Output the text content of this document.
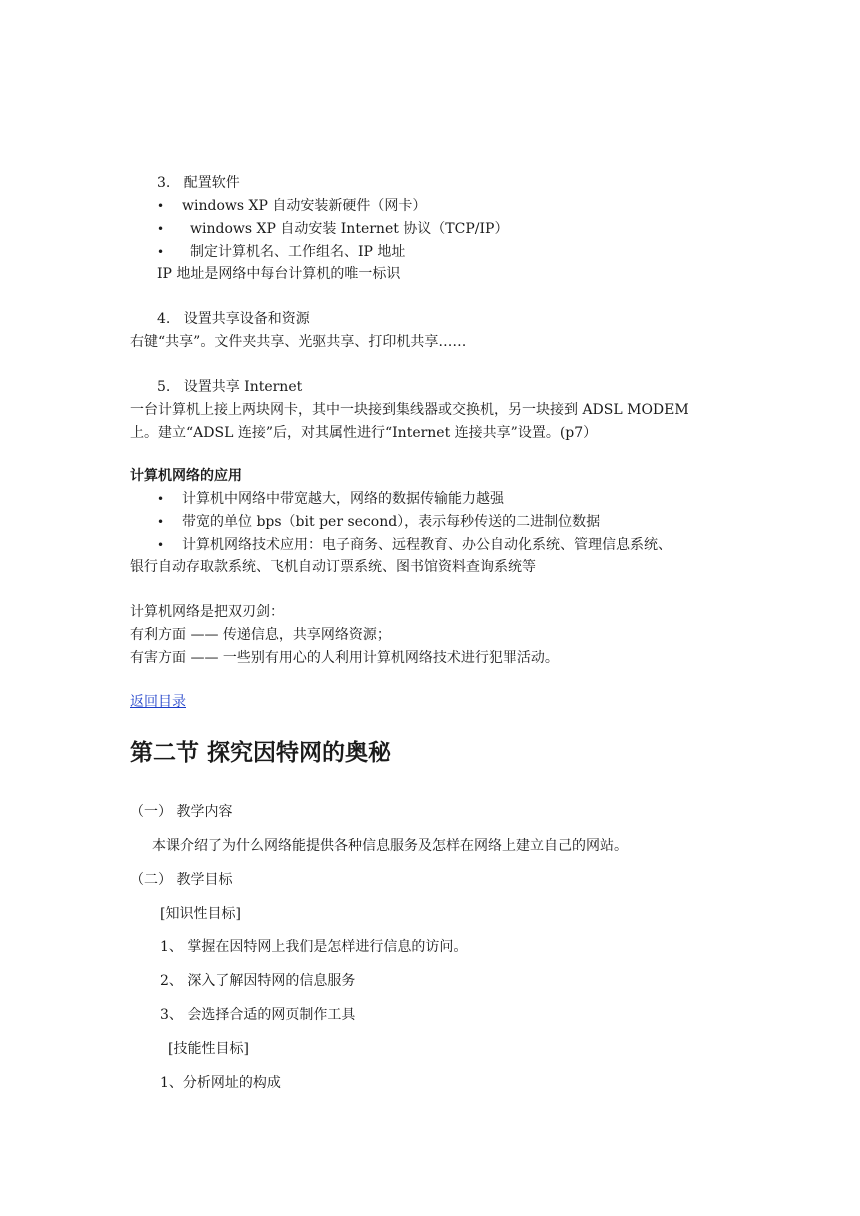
3.   配置软件
• windows XP 自动安装新硬件（网卡）
• windows XP 自动安装 Internet 协议（TCP/IP）
• 制定计算机名、工作组名、IP 地址
IP 地址是网络中每台计算机的唯一标识
4.   设置共享设备和资源
右键“共享”。文件夹共享、光驱共享、打印机共享……
5.   设置共享 Internet
一台计算机上接上两块网卡，其中一块接到集线器或交换机，另一块接到 ADSL MODEM
上。建立“ADSL 连接”后，对其属性进行“Internet 连接共享”设置。(p7）
计算机网络的应用
• 计算机中网络中带宽越大，网络的数据传输能力越强
• 带宽的单位 bps（bit per second），表示每秒传送的二进制位数据
• 计算机网络技术应用：电子商务、远程教育、办公自动化系统、管理信息系统、
银行自动存取款系统、飞机自动订票系统、图书馆资料查询系统等
计算机网络是把双刃剑：
有利方面 —— 传递信息，共享网络资源；
有害方面 —— 一些别有用心的人利用计算机网络技术进行犯罪活动。
返回目录
第二节 探究因特网的奥秘
（一） 教学内容
本课介绍了为什么网络能提供各种信息服务及怎样在网络上建立自己的网站。
（二） 教学目标
[知识性目标]
1、 掌握在因特网上我们是怎样进行信息的访问。
2、 深入了解因特网的信息服务
3、 会选择合适的网页制作工具
[技能性目标]
1、分析网址的构成
